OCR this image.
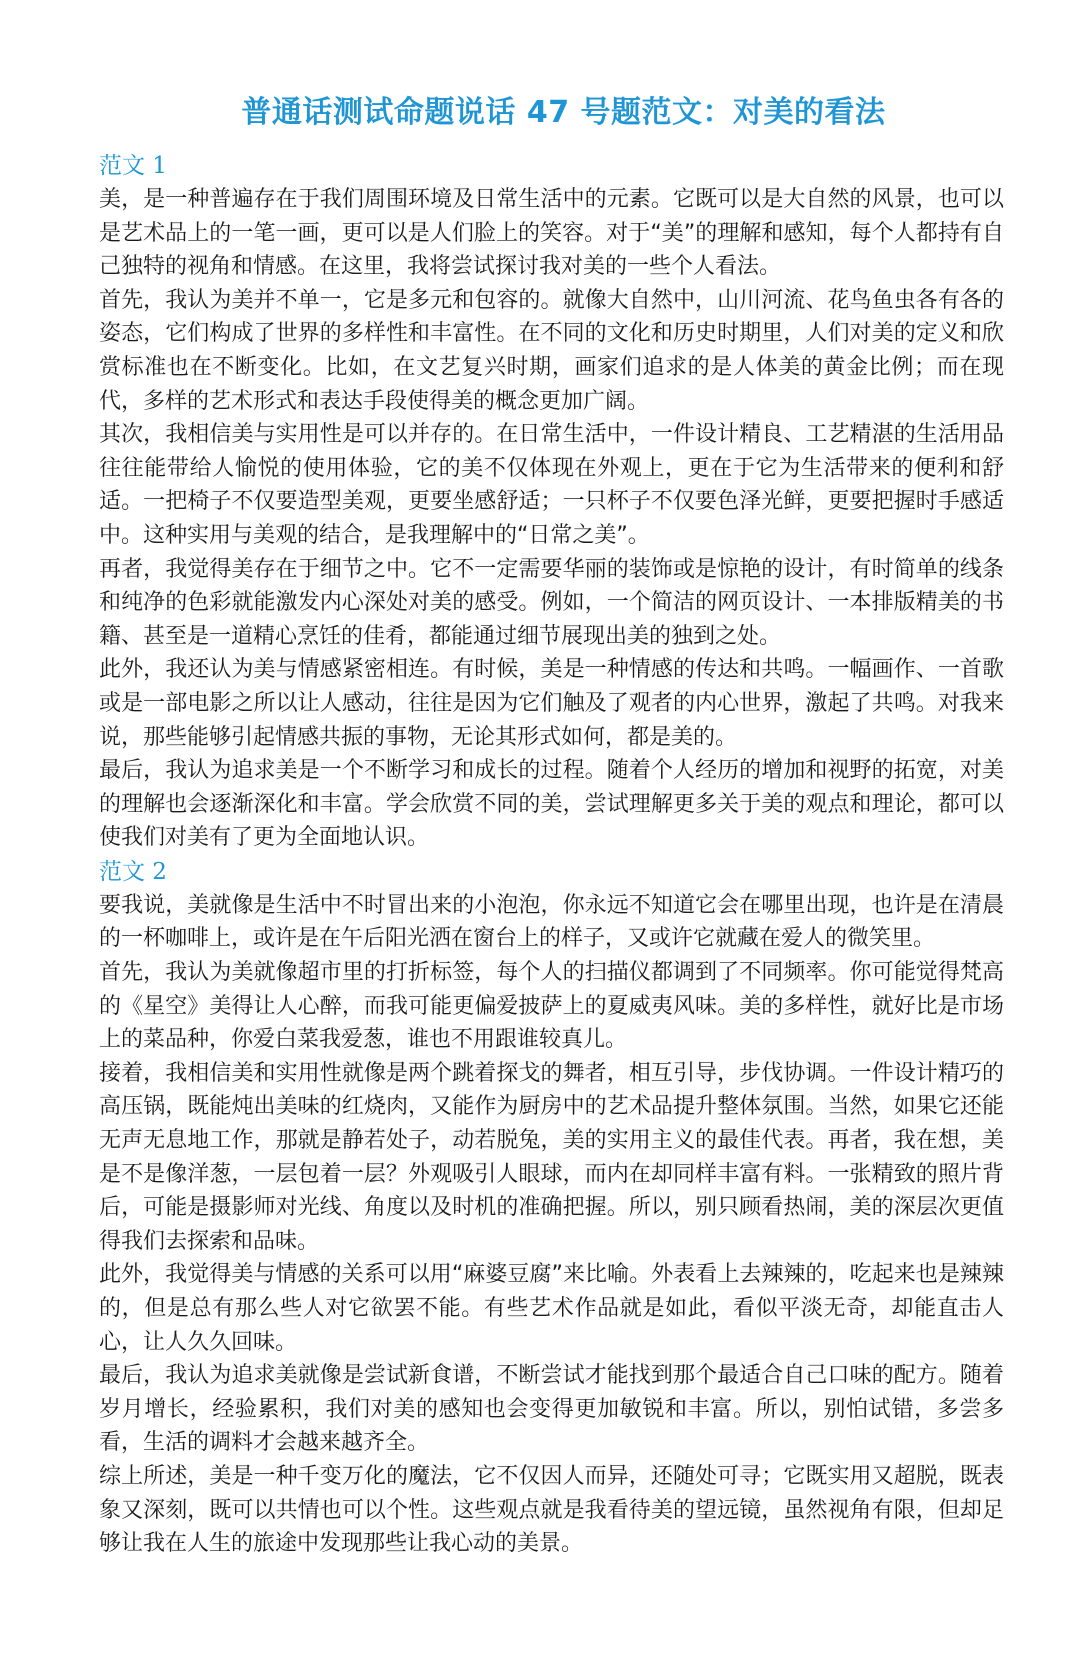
普通话测试命题说话 47 号题范文：对美的看法
范文 1

美，是一种普遍存在于我们周围环境及日常生活中的元素。它既可以是大自然的风景，也可以是艺术品上的一笔一画，更可以是人们脸上的笑容。对于“美”的理解和感知，每个人都持有自己独特的视角和情感。在这里，我将尝试探讨我对美的一些个人看法。

首先，我认为美并不单一，它是多元和包容的。就像大自然中，山川河流、花鸟鱼虫各有各的姿态，它们构成了世界的多样性和丰富性。在不同的文化和历史时期里，人们对美的定义和欣赏标准也在不断变化。比如，在文艺复兴时期，画家们追求的是人体美的黄金比例；而在现代，多样的艺术形式和表达手段使得美的概念更加广阔。

其次，我相信美与实用性是可以并存的。在日常生活中，一件设计精良、工艺精湛的生活用品往往能带给人愉悦的使用体验，它的美不仅体现在外观上，更在于它为生活带来的便利和舒适。一把椅子不仅要造型美观，更要坐感舒适；一只杯子不仅要色泽光鲜，更要把握时手感适中。这种实用与美观的结合，是我理解中的“日常之美”。

再者，我觉得美存在于细节之中。它不一定需要华丽的装饰或是惊艳的设计，有时简单的线条和纯净的色彩就能激发内心深处对美的感受。例如，一个简洁的网页设计、一本排版精美的书籍、甚至是一道精心烹饪的佳肴，都能通过细节展现出美的独到之处。

此外，我还认为美与情感紧密相连。有时候，美是一种情感的传达和共鸣。一幅画作、一首歌或是一部电影之所以让人感动，往往是因为它们触及了观者的内心世界，激起了共鸣。对我来说，那些能够引起情感共振的事物，无论其形式如何，都是美的。

最后，我认为追求美是一个不断学习和成长的过程。随着个人经历的增加和视野的拓宽，对美的理解也会逐渐深化和丰富。学会欣赏不同的美，尝试理解更多关于美的观点和理论，都可以使我们对美有了更为全面地认识。

范文 2

要我说，美就像是生活中不时冒出来的小泡泡，你永远不知道它会在哪里出现，也许是在清晨的一杯咖啡上，或许是在午后阳光洒在窗台上的样子，又或许它就藏在爱人的微笑里。

首先，我认为美就像超市里的打折标签，每个人的扫描仪都调到了不同频率。你可能觉得梵高的《星空》美得让人心醉，而我可能更偏爱披萨上的夏威夷风味。美的多样性，就好比是市场上的菜品种，你爱白菜我爱葱，谁也不用跟谁较真儿。

接着，我相信美和实用性就像是两个跳着探戈的舞者，相互引导，步伐协调。一件设计精巧的高压锅，既能炖出美味的红烧肉，又能作为厨房中的艺术品提升整体氛围。当然，如果它还能无声无息地工作，那就是静若处子，动若脱兔，美的实用主义的最佳代表。再者，我在想，美是不是像洋葱，一层包着一层？外观吸引人眼球，而内在却同样丰富有料。一张精致的照片背后，可能是摄影师对光线、角度以及时机的准确把握。所以，别只顾看热闹，美的深层次更值得我们去探索和品味。

此外，我觉得美与情感的关系可以用“麻婆豆腐”来比喻。外表看上去辣辣的，吃起来也是辣辣的，但是总有那么些人对它欲罢不能。有些艺术作品就是如此，看似平淡无奇，却能直击人心，让人久久回味。

最后，我认为追求美就像是尝试新食谱，不断尝试才能找到那个最适合自己口味的配方。随着岁月增长，经验累积，我们对美的感知也会变得更加敏锐和丰富。所以，别怕试错，多尝多看，生活的调料才会越来越齐全。

综上所述，美是一种千变万化的魔法，它不仅因人而异，还随处可寻；它既实用又超脱，既表象又深刻，既可以共情也可以个性。这些观点就是我看待美的望远镜，虽然视角有限，但却足够让我在人生的旅途中发现那些让我心动的美景。
